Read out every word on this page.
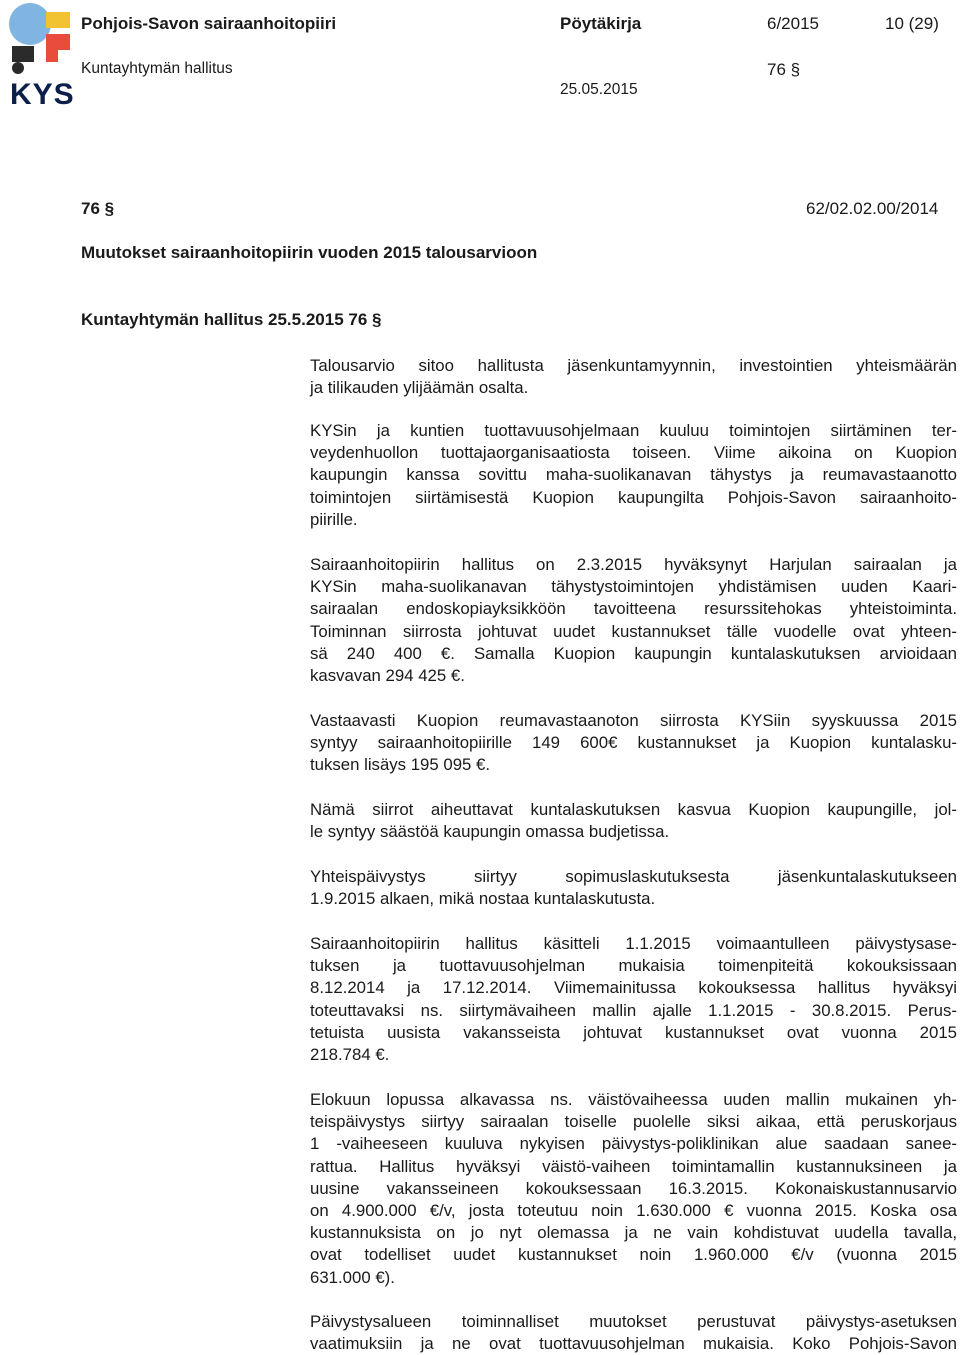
KYS
Pohjois-Savon sairaanhoitopiiri	Pöytäkirja	6/2015	10 (29)
Kuntayhtymän hallitus	76 §
25.05.2015
76 §	62/02.02.00/2014
Muutokset sairaanhoitopiirin vuoden 2015 talousarvioon
Kuntayhtymän hallitus 25.5.2015 76 §
Talousarvio sitoo hallitusta jäsenkuntamyynnin, investointien yhteismäärän
ja tilikauden ylijäämän osalta.
KYSin ja kuntien tuottavuusohjelmaan kuuluu toimintojen siirtäminen ter-
veydenhuollon tuottajaorganisaatiosta toiseen. Viime aikoina on Kuopion
kaupungin kanssa sovittu maha-suolikanavan tähystys ja reumavastaanotto
toimintojen siirtämisestä Kuopion kaupungilta Pohjois-Savon sairaanhoito-
piirille.
Sairaanhoitopiirin hallitus on 2.3.2015 hyväksynyt Harjulan sairaalan ja
KYSin maha-suolikanavan tähystystoimintojen yhdistämisen uuden Kaari-
sairaalan endoskopiayksikköön tavoitteena resurssitehokas yhteistoiminta.
Toiminnan siirrosta johtuvat uudet kustannukset tälle vuodelle ovat yhteen-
sä 240 400 €. Samalla Kuopion kaupungin kuntalaskutuksen arvioidaan
kasvavan 294 425 €.
Vastaavasti Kuopion reumavastaanoton siirrosta KYSiin syyskuussa 2015
syntyy sairaanhoitopiirille 149 600€ kustannukset ja Kuopion kuntalasku-
tuksen lisäys 195 095 €.
Nämä siirrot aiheuttavat kuntalaskutuksen kasvua Kuopion kaupungille, jol-
le syntyy säästöä kaupungin omassa budjetissa.
Yhteispäivystys siirtyy sopimuslaskutuksesta jäsenkuntalaskutukseen
1.9.2015 alkaen, mikä nostaa kuntalaskutusta.
Sairaanhoitopiirin hallitus käsitteli 1.1.2015 voimaantulleen päivystysase-
tuksen ja tuottavuusohjelman mukaisia toimenpiteitä kokouksissaan
8.12.2014 ja 17.12.2014. Viimemainitussa kokouksessa hallitus hyväksyi
toteuttavaksi ns. siirtymävaiheen mallin ajalle 1.1.2015 - 30.8.2015. Perus-
tetuista uusista vakansseista johtuvat kustannukset ovat vuonna 2015
218.784 €.
Elokuun lopussa alkavassa ns. väistövaiheessa uuden mallin mukainen yh-
teispäivystys siirtyy sairaalan toiselle puolelle siksi aikaa, että peruskorjaus
1 -vaiheeseen kuuluva nykyisen päivystys-poliklinikan alue saadaan sanee-
rattua. Hallitus hyväksyi väistö-vaiheen toimintamallin kustannuksineen ja
uusine vakansseineen kokouksessaan 16.3.2015. Kokonaiskustannusarvio
on 4.900.000 €/v, josta toteutuu noin 1.630.000 € vuonna 2015. Koska osa
kustannuksista on jo nyt olemassa ja ne vain kohdistuvat uudella tavalla,
ovat todelliset uudet kustannukset noin 1.960.000 €/v (vuonna 2015
631.000 €).
Päivystysalueen toiminnalliset muutokset perustuvat päivystys-asetuksen
vaatimuksiin ja ne ovat tuottavuusohjelman mukaisia. Koko Pohjois-Savon
